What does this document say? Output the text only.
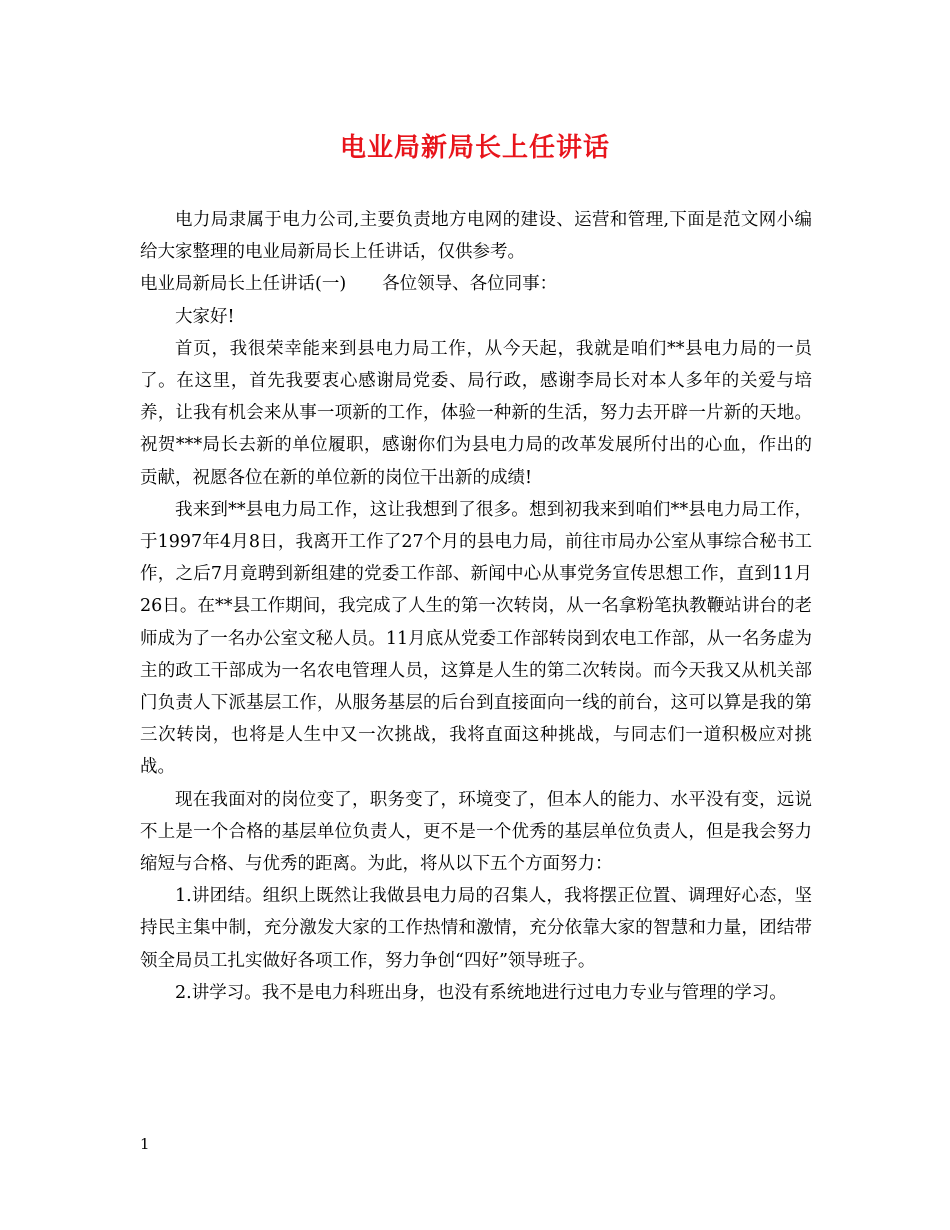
电业局新局长上任讲话

电力局隶属于电力公司,主要负责地方电网的建设、运营和管理,下面是范文网小编给大家整理的电业局新局长上任讲话，仅供参考。

电业局新局长上任讲话(一) 各位领导、各位同事：

大家好!

首页，我很荣幸能来到县电力局工作，从今天起，我就是咱们**县电力局的一员了。在这里，首先我要衷心感谢局党委、局行政，感谢李局长对本人多年的关爱与培养，让我有机会来从事一项新的工作，体验一种新的生活，努力去开辟一片新的天地。祝贺***局长去新的单位履职，感谢你们为县电力局的改革发展所付出的心血，作出的贡献，祝愿各位在新的单位新的岗位干出新的成绩!

我来到**县电力局工作，这让我想到了很多。想到初我来到咱们**县电力局工作，于1997年4月8日，我离开工作了27个月的县电力局，前往市局办公室从事综合秘书工作，之后7月竟聘到新组建的党委工作部、新闻中心从事党务宣传思想工作，直到11月26日。在**县工作期间，我完成了人生的第一次转岗，从一名拿粉笔执教鞭站讲台的老师成为了一名办公室文秘人员。11月底从党委工作部转岗到农电工作部，从一名务虚为主的政工干部成为一名农电管理人员，这算是人生的第二次转岗。而今天我又从机关部门负责人下派基层工作，从服务基层的后台到直接面向一线的前台，这可以算是我的第三次转岗，也将是人生中又一次挑战，我将直面这种挑战，与同志们一道积极应对挑战。

现在我面对的岗位变了，职务变了，环境变了，但本人的能力、水平没有变，远说不上是一个合格的基层单位负责人，更不是一个优秀的基层单位负责人，但是我会努力缩短与合格、与优秀的距离。为此，将从以下五个方面努力：

1.讲团结。组织上既然让我做县电力局的召集人，我将摆正位置、调理好心态，坚持民主集中制，充分激发大家的工作热情和激情，充分依靠大家的智慧和力量，团结带领全局员工扎实做好各项工作，努力争创“四好”领导班子。

2.讲学习。我不是电力科班出身，也没有系统地进行过电力专业与管理的学习。

1
